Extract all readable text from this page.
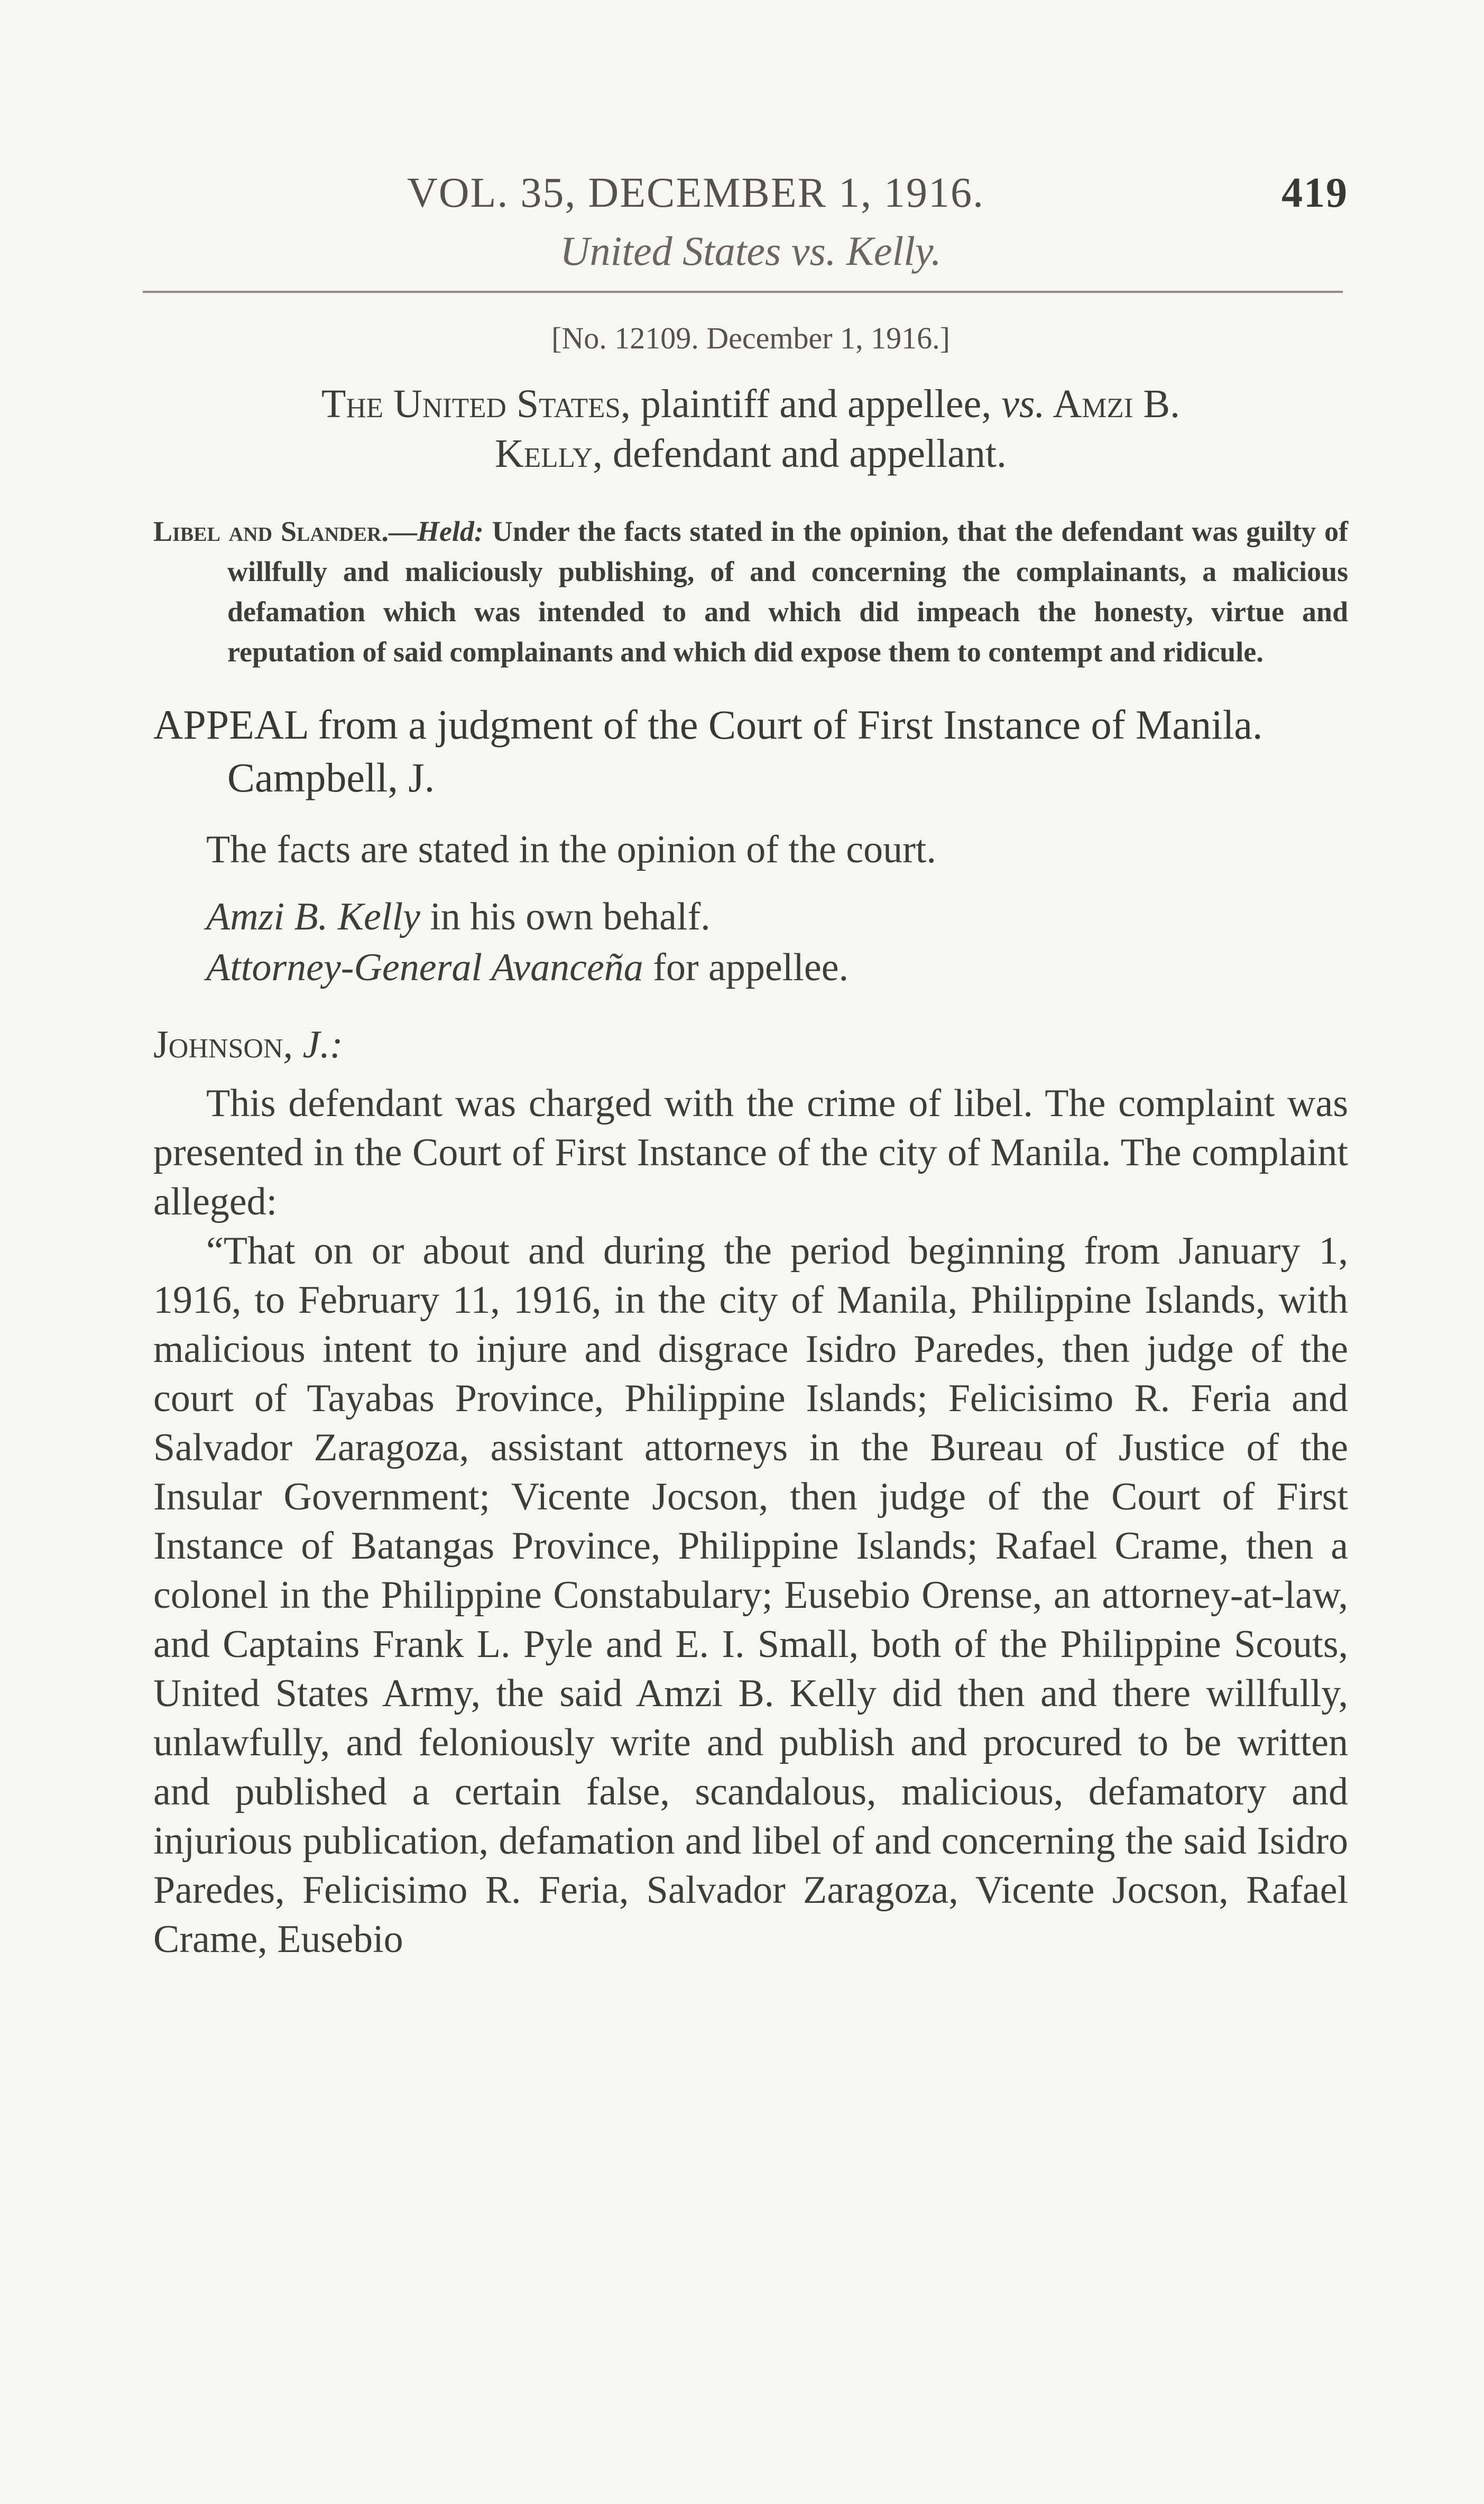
VOL. 35, DECEMBER 1, 1916.	419
United States vs. Kelly.
[No. 12109. December 1, 1916.]
The United States, plaintiff and appellee, vs. Amzi B.
Kelly, defendant and appellant.
Libel and Slander.—Held: Under the facts stated in the opinion, that the defendant was guilty of willfully and maliciously publishing, of and concerning the complainants, a malicious defamation which was intended to and which did impeach the honesty, virtue and reputation of said complainants and which did expose them to contempt and ridicule.
APPEAL from a judgment of the Court of First Instance of Manila. Campbell, J.
The facts are stated in the opinion of the court.
Amzi B. Kelly in his own behalf.
Attorney-General Avanceña for appellee.
Johnson, J.:

This defendant was charged with the crime of libel. The complaint was presented in the Court of First Instance of the city of Manila. The complaint alleged:

“That on or about and during the period beginning from January 1, 1916, to February 11, 1916, in the city of Manila, Philippine Islands, with malicious intent to injure and disgrace Isidro Paredes, then judge of the court of Tayabas Province, Philippine Islands; Felicisimo R. Feria and Salvador Zaragoza, assistant attorneys in the Bureau of Justice of the Insular Government; Vicente Jocson, then judge of the Court of First Instance of Batangas Province, Philippine Islands; Rafael Crame, then a colonel in the Philippine Constabulary; Eusebio Orense, an attorney-at-law, and Captains Frank L. Pyle and E. I. Small, both of the Philippine Scouts, United States Army, the said Amzi B. Kelly did then and there willfully, unlawfully, and feloniously write and publish and procured to be written and published a certain false, scandalous, malicious, defamatory and injurious publication, defamation and libel of and concerning the said Isidro Paredes, Felicisimo R. Feria, Salvador Zaragoza, Vicente Jocson, Rafael Crame, Eusebio
